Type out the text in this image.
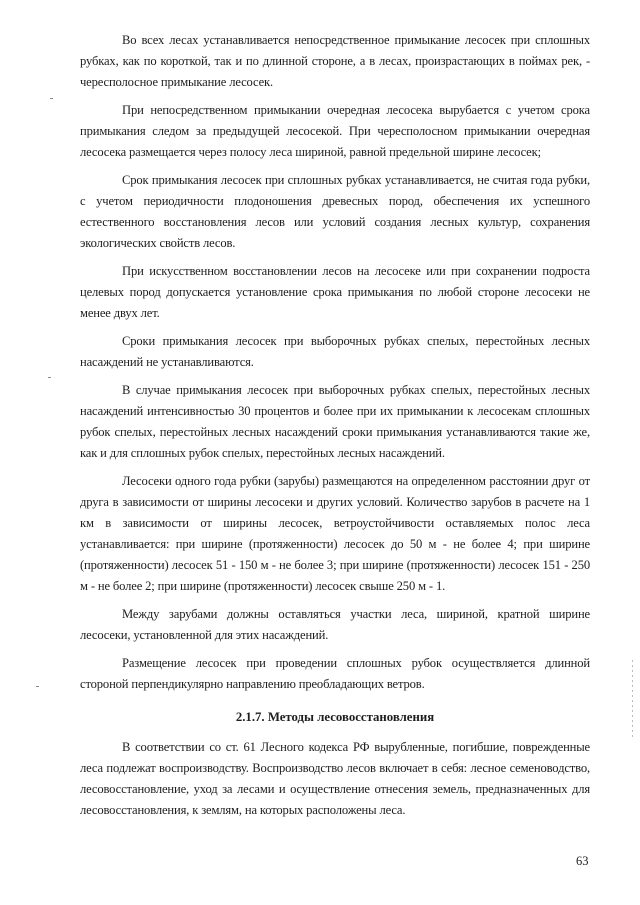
Во всех лесах устанавливается непосредственное примыкание лесосек при сплошных рубках, как по короткой, так и по длинной стороне, а в лесах, произрастающих в поймах рек, - чересполосное примыкание лесосек.

При непосредственном примыкании очередная лесосека вырубается с учетом срока примыкания следом за предыдущей лесосекой. При чересполосном примыкании очередная лесосека размещается через полосу леса шириной, равной предельной ширине лесосек;

Срок примыкания лесосек при сплошных рубках устанавливается, не считая года рубки, с учетом периодичности плодоношения древесных пород, обеспечения их успешного естественного восстановления лесов или условий создания лесных культур, сохранения экологических свойств лесов.

При искусственном восстановлении лесов на лесосеке или при сохранении подроста целевых пород допускается установление срока примыкания по любой стороне лесосеки не менее двух лет.

Сроки примыкания лесосек при выборочных рубках спелых, перестойных лесных насаждений не устанавливаются.

В случае примыкания лесосек при выборочных рубках спелых, перестойных лесных насаждений интенсивностью 30 процентов и более при их примыкании к лесосекам сплошных рубок спелых, перестойных лесных насаждений сроки примыкания устанавливаются такие же, как и для сплошных рубок спелых, перестойных лесных насаждений.

Лесосеки одного года рубки (зарубы) размещаются на определенном расстоянии друг от друга в зависимости от ширины лесосеки и других условий. Количество зарубов в расчете на 1 км в зависимости от ширины лесосек, ветроустойчивости оставляемых полос леса устанавливается: при ширине (протяженности) лесосек до 50 м - не более 4; при ширине (протяженности) лесосек 51 - 150 м - не более 3; при ширине (протяженности) лесосек 151 - 250 м - не более 2; при ширине (протяженности) лесосек свыше 250 м - 1.

Между зарубами должны оставляться участки леса, шириной, кратной ширине лесосеки, установленной для этих насаждений.

Размещение лесосек при проведении сплошных рубок осуществляется длинной стороной перпендикулярно направлению преобладающих ветров.

2.1.7. Методы лесовосстановления

В соответствии со ст. 61 Лесного кодекса РФ вырубленные, погибшие, поврежденные леса подлежат воспроизводству. Воспроизводство лесов включает в себя: лесное семеноводство, лесовосстановление, уход за лесами и осуществление отнесения земель, предназначенных для лесовосстановления, к землям, на которых расположены леса.

63
